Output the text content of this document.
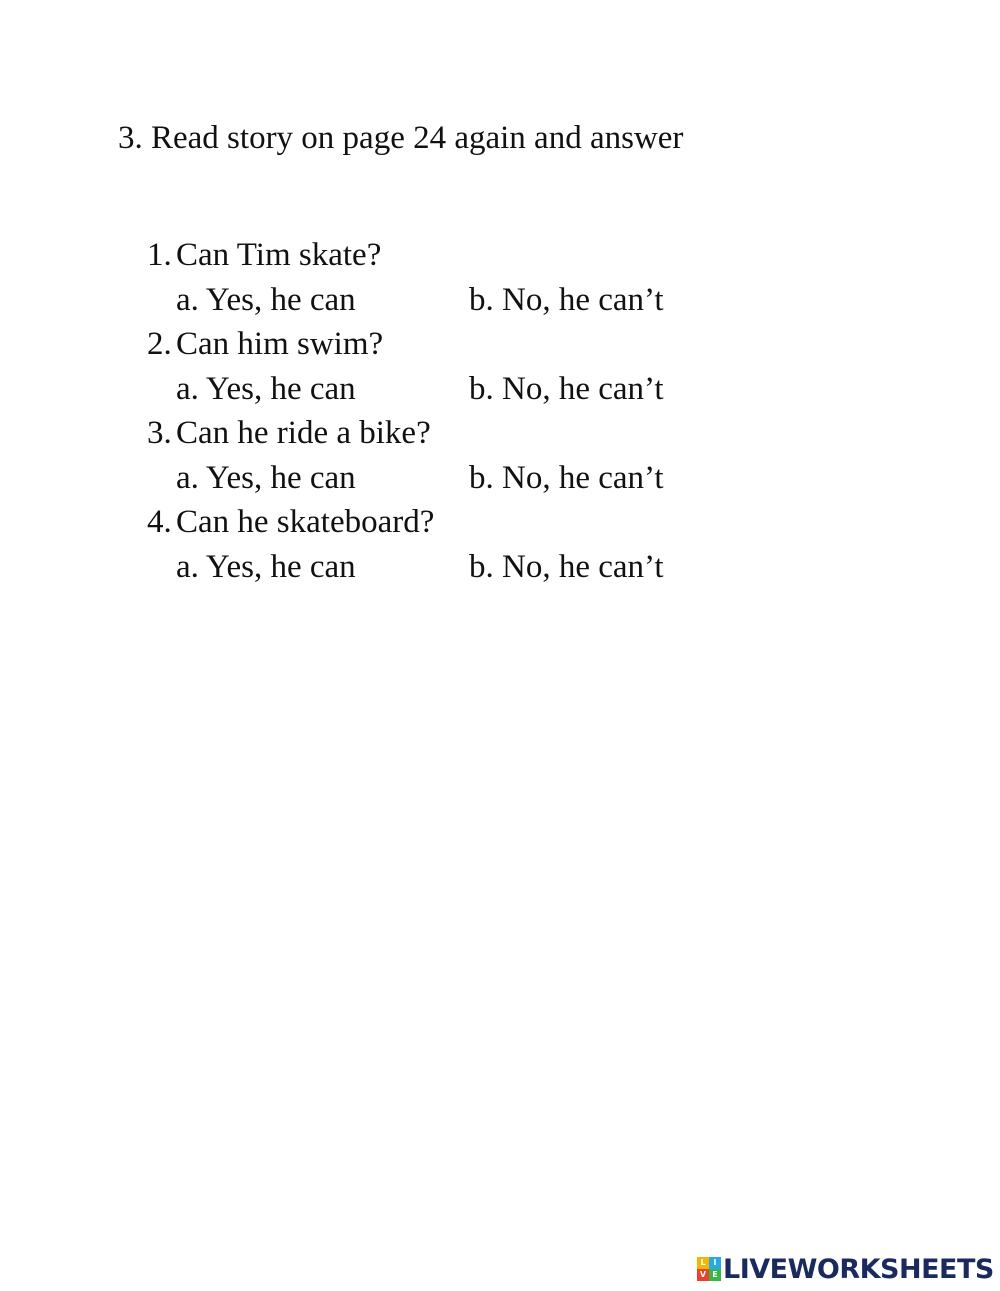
3. Read story on page 24 again and answer
1. Can Tim skate?
a. Yes, he can	b. No, he can’t
2. Can him swim?
a. Yes, he can	b. No, he can’t
3. Can he ride a bike?
a. Yes, he can	b. No, he can’t
4. Can he skateboard?
a. Yes, he can	b. No, he can’t
L I
V E LIVEWORKSHEETS
